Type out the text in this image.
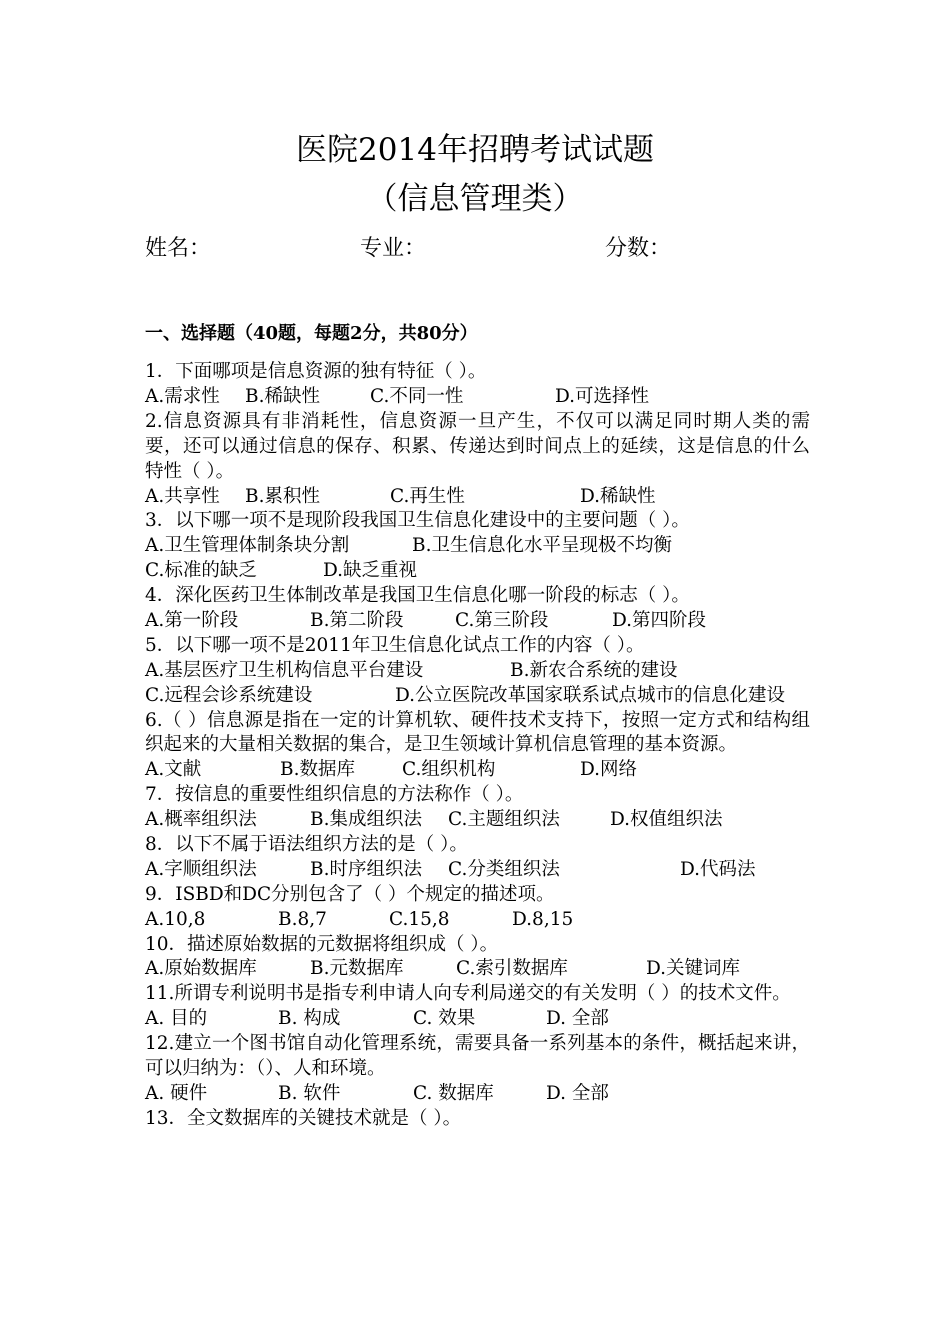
医院2014年招聘考试试题
（信息管理类）
姓名：	专业：	分数：
一、选择题（40题，每题2分，共80分）
1．下面哪项是信息资源的独有特征（ ）。
A.需求性 B.稀缺性	C.不同一性	D.可选择性
2.信息资源具有非消耗性，信息资源一旦产生，不仅可以满足同时期人类的需要，还可以通过信息的保存、积累、传递达到时间点上的延续，这是信息的什么特性（ ）。
A.共享性 B.累积性	C.再生性	D.稀缺性
3．以下哪一项不是现阶段我国卫生信息化建设中的主要问题（ ）。
A.卫生管理体制条块分割	B.卫生信息化水平呈现极不均衡
C.标准的缺乏	D.缺乏重视
4．深化医药卫生体制改革是我国卫生信息化哪一阶段的标志（ ）。
A.第一阶段	B.第二阶段	C.第三阶段	D.第四阶段
5．以下哪一项不是2011年卫生信息化试点工作的内容（ ）。
A.基层医疗卫生机构信息平台建设	B.新农合系统的建设
C.远程会诊系统建设	D.公立医院改革国家联系试点城市的信息化建设
6.（ ）信息源是指在一定的计算机软、硬件技术支持下，按照一定方式和结构组织起来的大量相关数据的集合，是卫生领域计算机信息管理的基本资源。
A.文献	B.数据库	C.组织机构	D.网络
7．按信息的重要性组织信息的方法称作（ ）。
A.概率组织法	B.集成组织法 C.主题组织法	D.权值组织法
8．以下不属于语法组织方法的是（ ）。
A.字顺组织法	B.时序组织法 C.分类组织法	D.代码法
9．ISBD和DC分别包含了（ ）个规定的描述项。
A.10,8	B.8,7	C.15,8	D.8,15
10．描述原始数据的元数据将组织成（ ）。
A.原始数据库	B.元数据库	C.索引数据库	D.关键词库
11.所谓专利说明书是指专利申请人向专利局递交的有关发明（ ）的技术文件。
A. 目的	B. 构成	C. 效果	D. 全部
12.建立一个图书馆自动化管理系统，需要具备一系列基本的条件，概括起来讲，可以归纳为：（）、人和环境。
A. 硬件	B. 软件	C. 数据库	D. 全部
13．全文数据库的关键技术就是（ ）。
